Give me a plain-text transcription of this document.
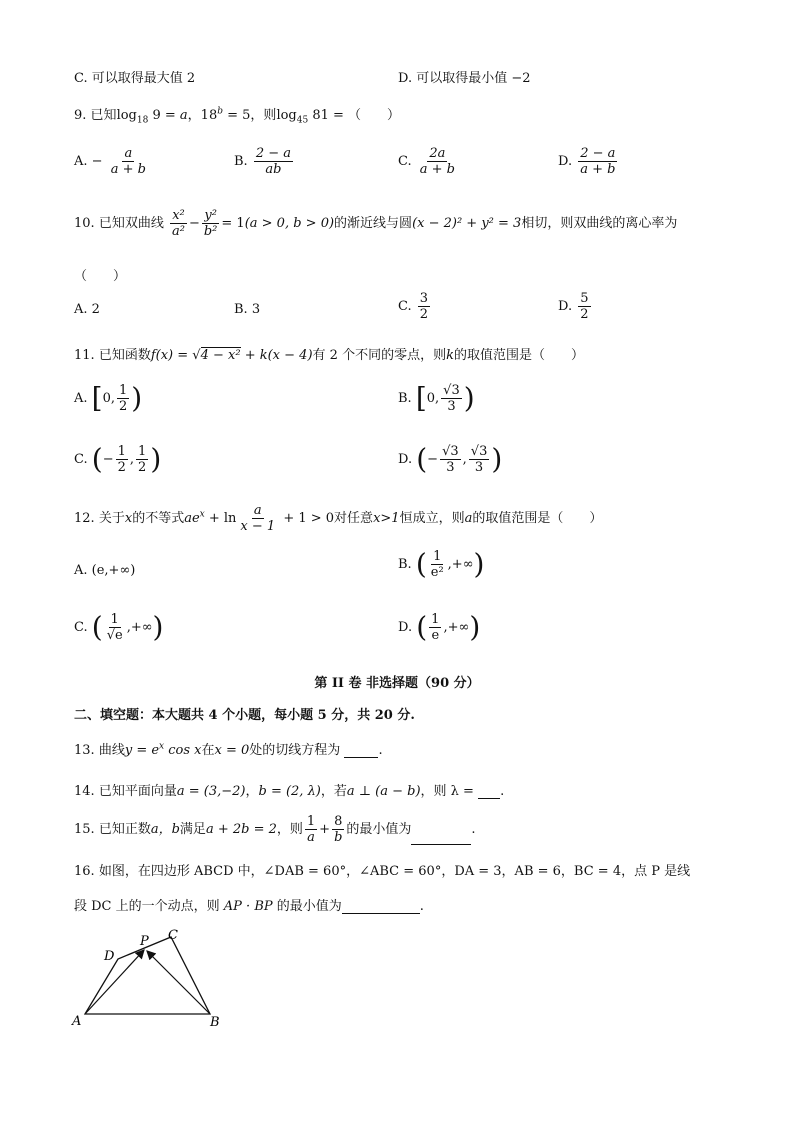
C. 可以取得最大值 2	D. 可以取得最小值 −2
9. 已知$\log_{18} 9 = a$，$18^b = 5$，则$\log_{45} 81$ = （　　）
A. − $\frac{a}{a + b}$	B. $\frac{2 - a}{ab}$	C. $\frac{2a}{a + b}$	D. $\frac{2 - a}{a + b}$
10. 已知双曲线 $\frac{\text{x²}}{\text{a²}} - \frac{\text{y²}}{\text{b²}} = 1(a > 0$, b > 0)的渐近线与圆(x − 2)² + y² = 3相切，则双曲线的离心率为
（　　）
A. 2	B. 3	C. $\frac{3}{2}$	D. $\frac{5}{2}$
11. 已知函数f(x) = √4 − x² + k(x − 4)有 2 个不同的零点，则k的取值范围是（　　）
A. [0, $\frac{1}{2}$ )	B. [0, $\frac{√3}{3}$ )
C. (− $\frac{1}{2}$ , $\frac{1}{2}$ )	D. (− $\frac{√3}{3}$ , $\frac{√3}{3}$ )
12. 关于x的不等式$ae^x + \ln \frac{a}{x - 1} + 1 > 0$对任意x>1恒成立，则a的取值范围是（　　）
A. (e,+∞)	B. ( $\frac{1}{\text{e²}}$ ,+∞)
C. ( $\frac{1}{√e}$ ,+∞)	D. ( $\frac{1}{e}$ ,+∞)
第 II 卷 非选择题（90 分）
二、填空题：本大题共 4 个小题，每小题 5 分，共 20 分.
13. 曲线$y = e^x$ cos x在x = 0处的切线方程为	.
14. 已知平面向量a = (3,−2)，b = (2, λ)，若a ⊥ (a − b)，则 λ = .
15. 已知正数a，b满足a + 2b = 2，则 $\frac{1}{a} + \frac{8}{b}$ 的最小值为	.
16. 如图，在四边形 ABCD 中，∠DAB = 60°，∠ABC = 60°，DA = 3，AB = 6，BC = 4，点 P 是线
段 DC 上的一个动点，则 AP · BP 的最小值为	.
A	B
C
D
P
